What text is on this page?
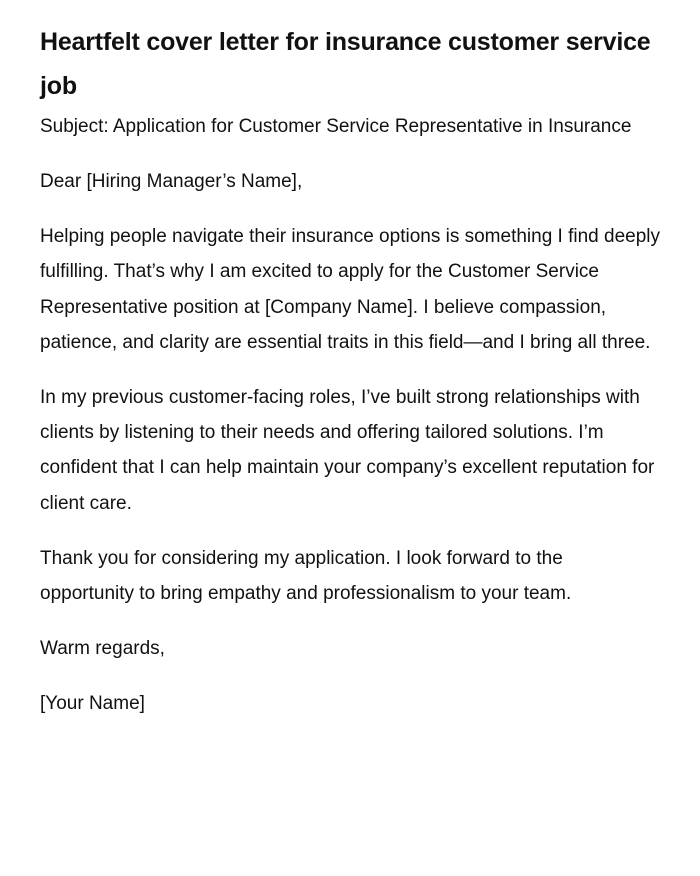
Heartfelt cover letter for insurance customer service job

Subject: Application for Customer Service Representative in Insurance

Dear [Hiring Manager’s Name],

Helping people navigate their insurance options is something I find deeply fulfilling. That’s why I am excited to apply for the Customer Service Representative position at [Company Name]. I believe compassion, patience, and clarity are essential traits in this field—and I bring all three.

In my previous customer-facing roles, I’ve built strong relationships with clients by listening to their needs and offering tailored solutions. I’m confident that I can help maintain your company’s excellent reputation for client care.

Thank you for considering my application. I look forward to the opportunity to bring empathy and professionalism to your team.

Warm regards,

[Your Name]
